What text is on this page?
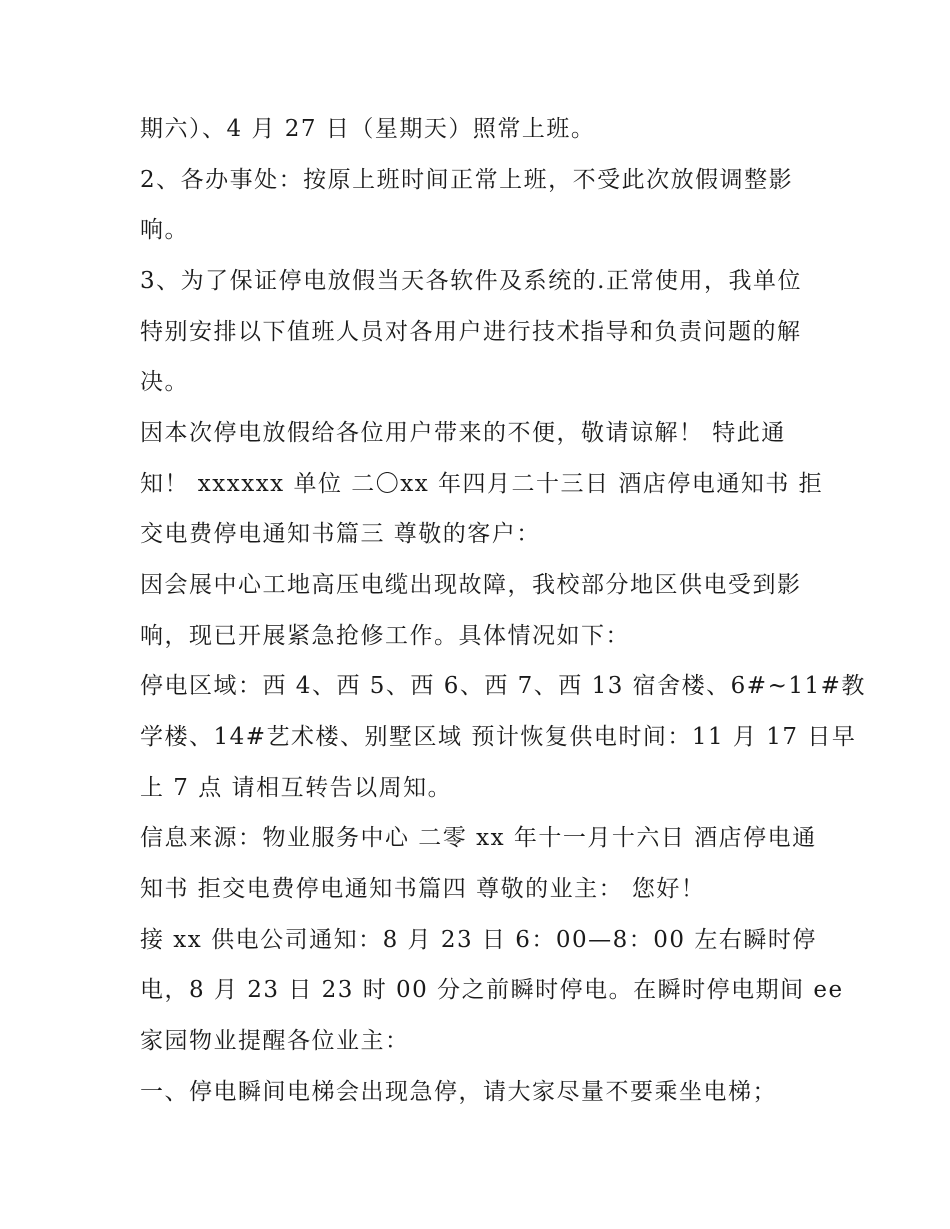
期六）、4 月 27 日（星期天）照常上班。
2、各办事处：按原上班时间正常上班，不受此次放假调整影
响。
3、为了保证停电放假当天各软件及系统的.正常使用，我单位
特别安排以下值班人员对各用户进行技术指导和负责问题的解
决。
因本次停电放假给各位用户带来的不便，敬请谅解！ 特此通
知！ xxxxxx 单位 二〇xx 年四月二十三日 酒店停电通知书 拒
交电费停电通知书篇三 尊敬的客户：
因会展中心工地高压电缆出现故障，我校部分地区供电受到影
响，现已开展紧急抢修工作。具体情况如下：
停电区域：西 4、西 5、西 6、西 7、西 13 宿舍楼、6#~11#教
学楼、14#艺术楼、别墅区域 预计恢复供电时间：11 月 17 日早
上 7 点 请相互转告以周知。
信息来源：物业服务中心 二零 xx 年十一月十六日 酒店停电通
知书 拒交电费停电通知书篇四 尊敬的业主： 您好！
接 xx 供电公司通知：8 月 23 日 6：00—8：00 左右瞬时停
电，8 月 23 日 23 时 00 分之前瞬时停电。在瞬时停电期间 ee
家园物业提醒各位业主：
一、停电瞬间电梯会出现急停，请大家尽量不要乘坐电梯；
